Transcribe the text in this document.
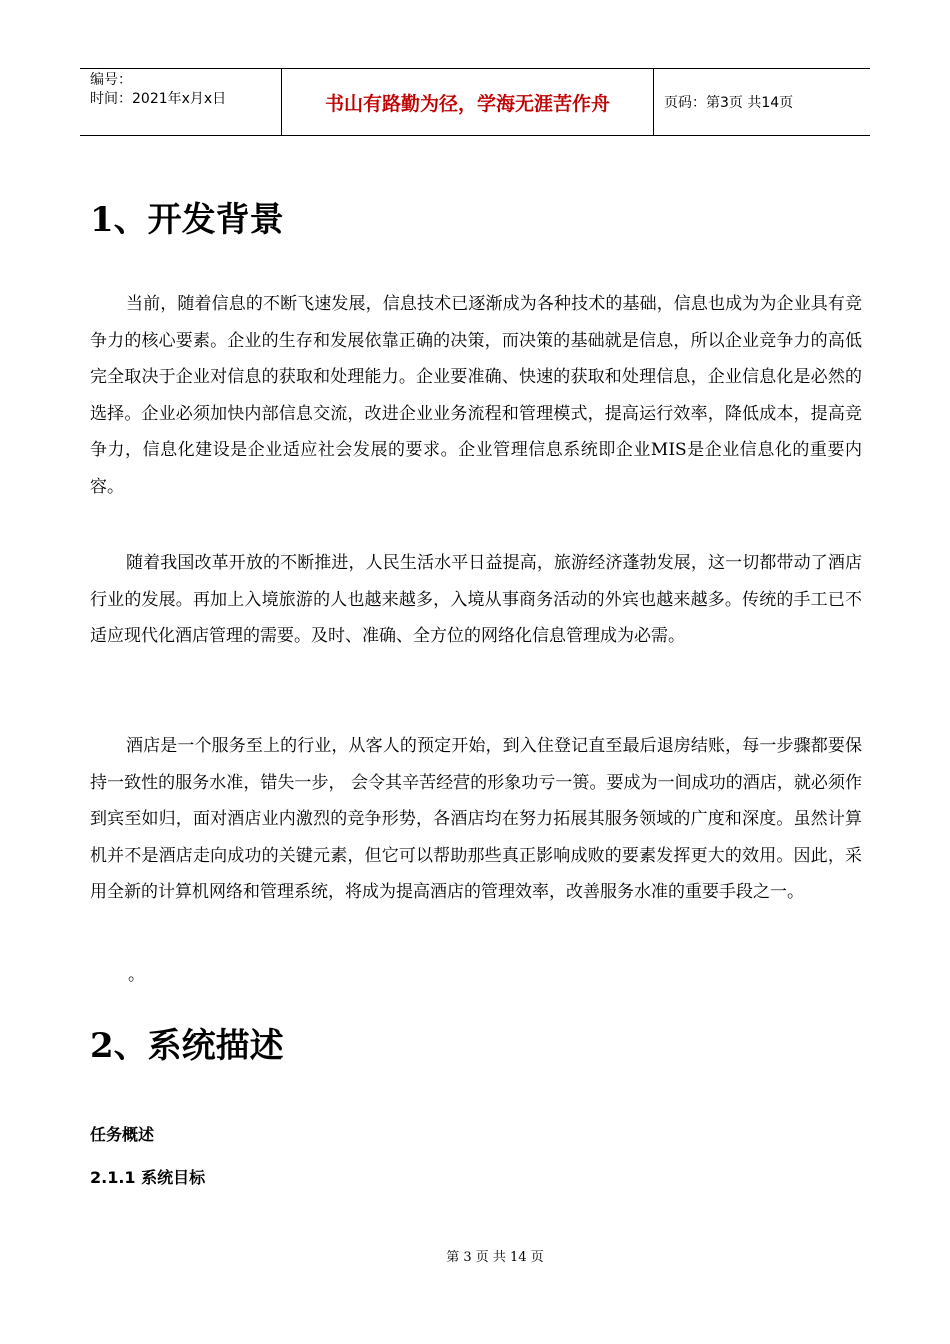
编号：
时间：2021年x月x日	书山有路勤为径，学海无涯苦作舟	页码：第3页 共14页
1、开发背景

当前，随着信息的不断飞速发展，信息技术已逐渐成为各种技术的基础，信息也成为为企业具有竞争力的核心要素。企业的生存和发展依靠正确的决策，而决策的基础就是信息，所以企业竞争力的高低完全取决于企业对信息的获取和处理能力。企业要准确、快速的获取和处理信息，企业信息化是必然的选择。企业必须加快内部信息交流，改进企业业务流程和管理模式，提高运行效率，降低成本，提高竞争力，信息化建设是企业适应社会发展的要求。企业管理信息系统即企业MIS是企业信息化的重要内容。

随着我国改革开放的不断推进，人民生活水平日益提高，旅游经济蓬勃发展，这一切都带动了酒店行业的发展。再加上入境旅游的人也越来越多，入境从事商务活动的外宾也越来越多。传统的手工已不适应现代化酒店管理的需要。及时、准确、全方位的网络化信息管理成为必需。

酒店是一个服务至上的行业，从客人的预定开始，到入住登记直至最后退房结账，每一步骤都要保持一致性的服务水准，错失一步， 会令其辛苦经营的形象功亏一篑。要成为一间成功的酒店，就必须作到宾至如归，面对酒店业内激烈的竞争形势，各酒店均在努力拓展其服务领域的广度和深度。虽然计算机并不是酒店走向成功的关键元素，但它可以帮助那些真正影响成败的要素发挥更大的效用。因此，采用全新的计算机网络和管理系统，将成为提高酒店的管理效率，改善服务水准的重要手段之一。

。
2、系统描述

任务概述

2.1.1 系统目标

第 3 页 共 14 页
